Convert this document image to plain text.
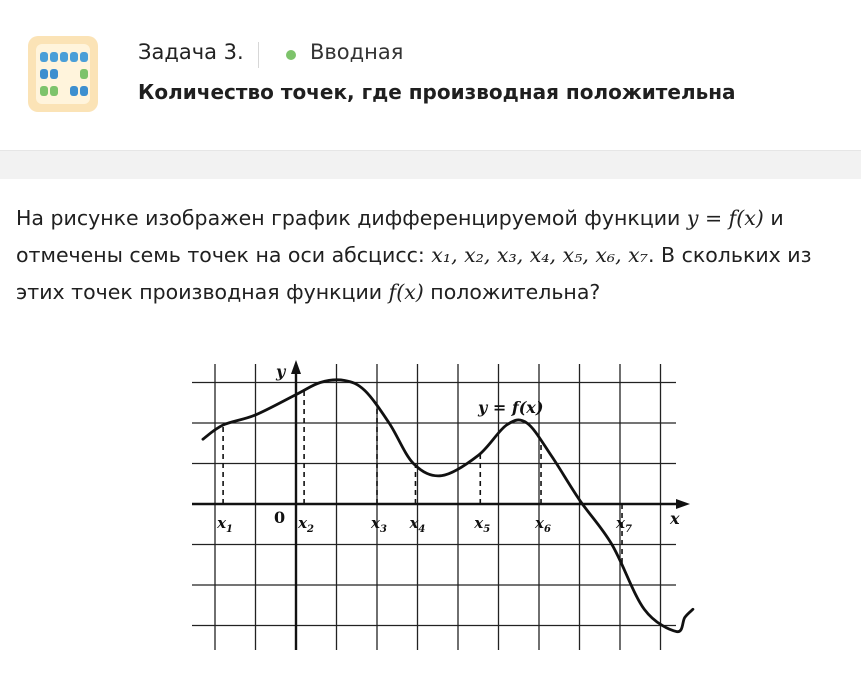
Задача 3.	Вводная
Количество точек, где производная положительна
На рисунке изображен график дифференцируемой функции y = f(x) и отмечены семь точек на оси абсцисс: x₁, x₂, x₃, x₄, x₅, x₆, x₇. В скольких из этих точек производная функции f(x) положительна?
y
x
0
y = f(x)
$x_1$	$x_2$	$x_3$ $x_4$	$x_5$	$x_6$	$x_7$
